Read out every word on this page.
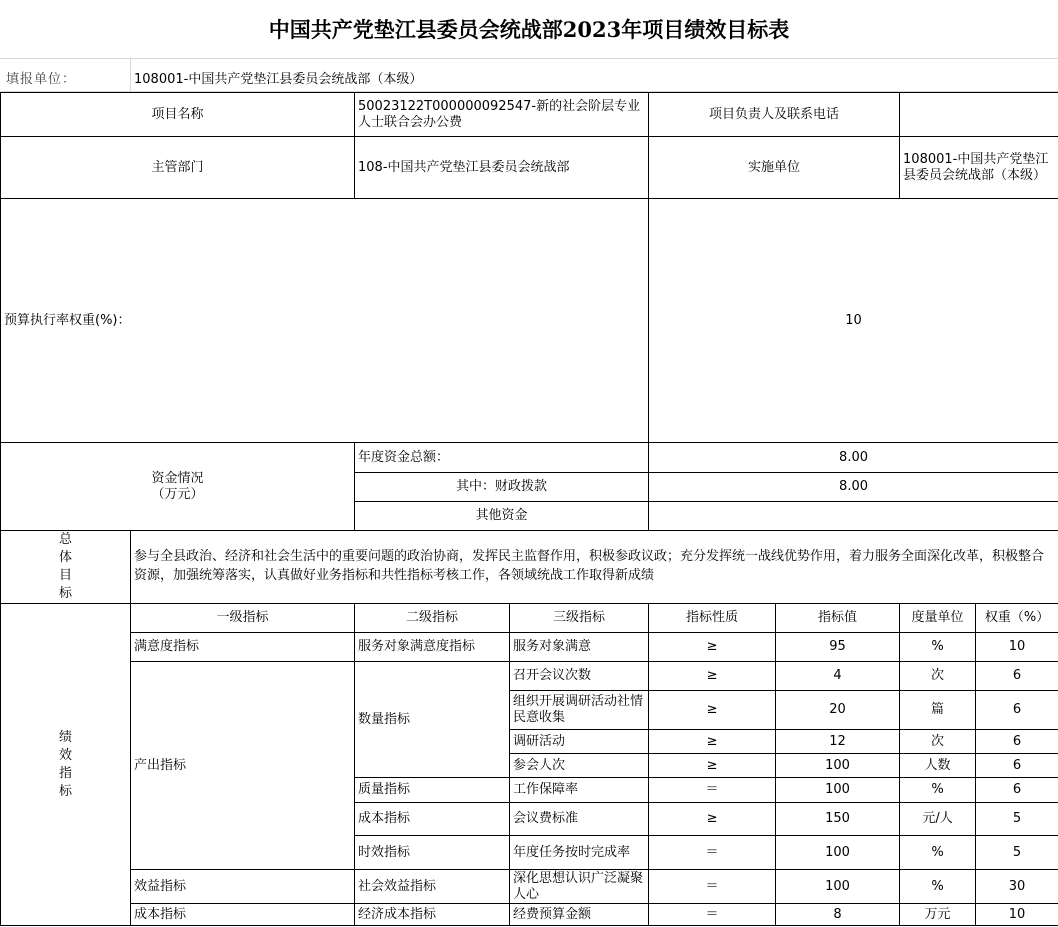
中国共产党垫江县委员会统战部2023年项目绩效目标表
填报单位：	108001-中国共产党垫江县委员会统战部（本级）
项目名称		50023122T000000092547-新的社会阶层专业人士联合会办公费		项目负责人及联系电话			
主管部门		108-中国共产党垫江县委员会统战部		实施单位		108001-中国共产党垫江县委员会统战部（本级）	
预算执行率权重(%)：				10			

资金情况
（万元）		年度资金总额：		8.00			
		其中：财政拨款		8.00			
		其他资金					

总
体
目
标	参与全县政治、经济和社会生活中的重要问题的政治协商，发挥民主监督作用，积极参政议政；充分发挥统一战线优势作用，着力服务全面深化改革，积极整合资源，加强统筹落实，认真做好业务指标和共性指标考核工作，各领域统战工作取得新成绩						

绩
效
指
标	一级指标	二级指标	三级指标	指标性质	指标值	度量单位	权重（%）
	满意度指标	服务对象满意度指标	服务对象满意	≥	95	%	10
	产出指标	数量指标	召开会议次数	≥	4	次	6
			组织开展调研活动社情民意收集	≥	20	篇	6
			调研活动	≥	12	次	6
			参会人次	≥	100	人数	6
		质量指标	工作保障率	＝	100	%	6
		成本指标	会议费标准	≥	150	元/人	5
		时效指标	年度任务按时完成率	＝	100	%	5
	效益指标	社会效益指标	深化思想认识广泛凝聚人心	＝	100	%	30
	成本指标	经济成本指标	经费预算金额	＝	8	万元	10
